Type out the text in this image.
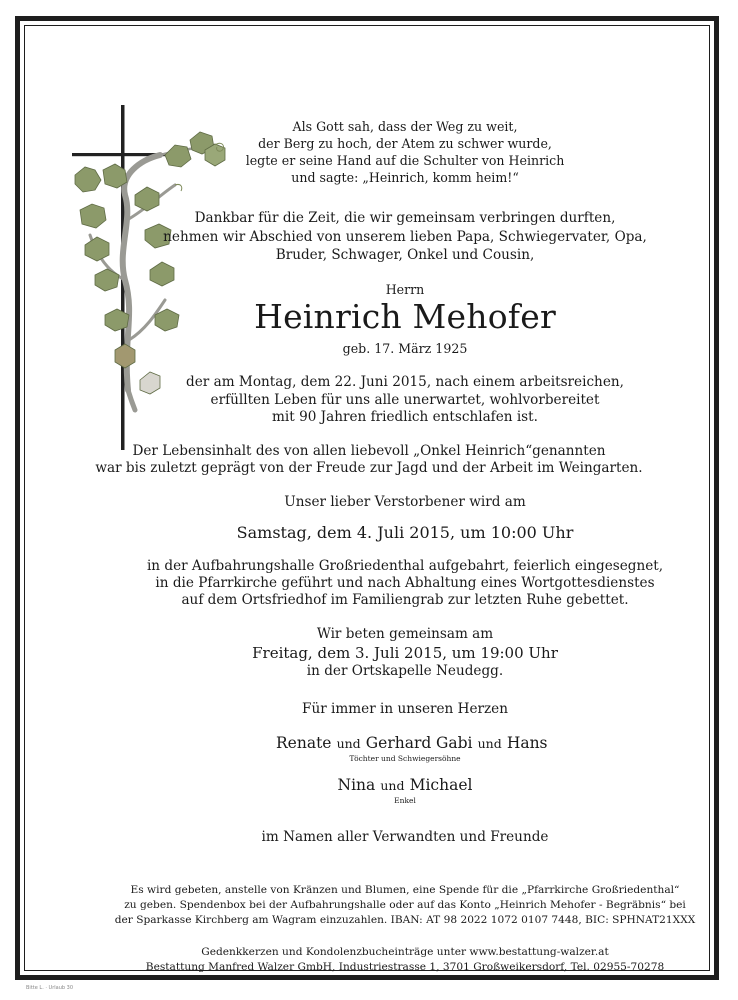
Als Gott sah, dass der Weg zu weit,
der Berg zu hoch, der Atem zu schwer wurde,
legte er seine Hand auf die Schulter von Heinrich
und sagte: „Heinrich, komm heim!“
Dankbar für die Zeit, die wir gemeinsam verbringen durften,
nehmen wir Abschied von unserem lieben Papa, Schwiegervater, Opa,
Bruder, Schwager, Onkel und Cousin,
Herrn
Heinrich Mehofer
geb. 17. März 1925
der am Montag, dem 22. Juni 2015, nach einem arbeitsreichen,
erfüllten Leben für uns alle unerwartet, wohlvorbereitet
mit 90 Jahren friedlich entschlafen ist.
Der Lebensinhalt des von allen liebevoll „Onkel Heinrich“genannten
war bis zuletzt geprägt von der Freude zur Jagd und der Arbeit im Weingarten.
Unser lieber Verstorbener wird am
Samstag, dem 4. Juli 2015, um 10:00 Uhr
in der Aufbahrungshalle Großriedenthal aufgebahrt, feierlich eingesegnet,
in die Pfarrkirche geführt und nach Abhaltung eines Wortgottesdienstes
auf dem Ortsfriedhof im Familiengrab zur letzten Ruhe gebettet.
Wir beten gemeinsam am
Freitag, dem 3. Juli 2015, um 19:00 Uhr
in der Ortskapelle Neudegg.
Für immer in unseren Herzen
Renate und Gerhard Gabi und Hans
Töchter und Schwiegersöhne
Nina und Michael
Enkel
im Namen aller Verwandten und Freunde
Es wird gebeten, anstelle von Kränzen und Blumen, eine Spende für die „Pfarrkirche Großriedenthal“
zu geben. Spendenbox bei der Aufbahrungshalle oder auf das Konto „Heinrich Mehofer - Begräbnis“ bei
der Sparkasse Kirchberg am Wagram einzuzahlen. IBAN: AT 98 2022 1072 0107 7448, BIC: SPHNAT21XXX
Gedenkkerzen und Kondolenzbucheinträge unter www.bestattung-walzer.at
Bestattung Manfred Walzer GmbH, Industriestrasse 1, 3701 Großweikersdorf, Tel. 02955-70278
Bitte L. · Urlaub 30
